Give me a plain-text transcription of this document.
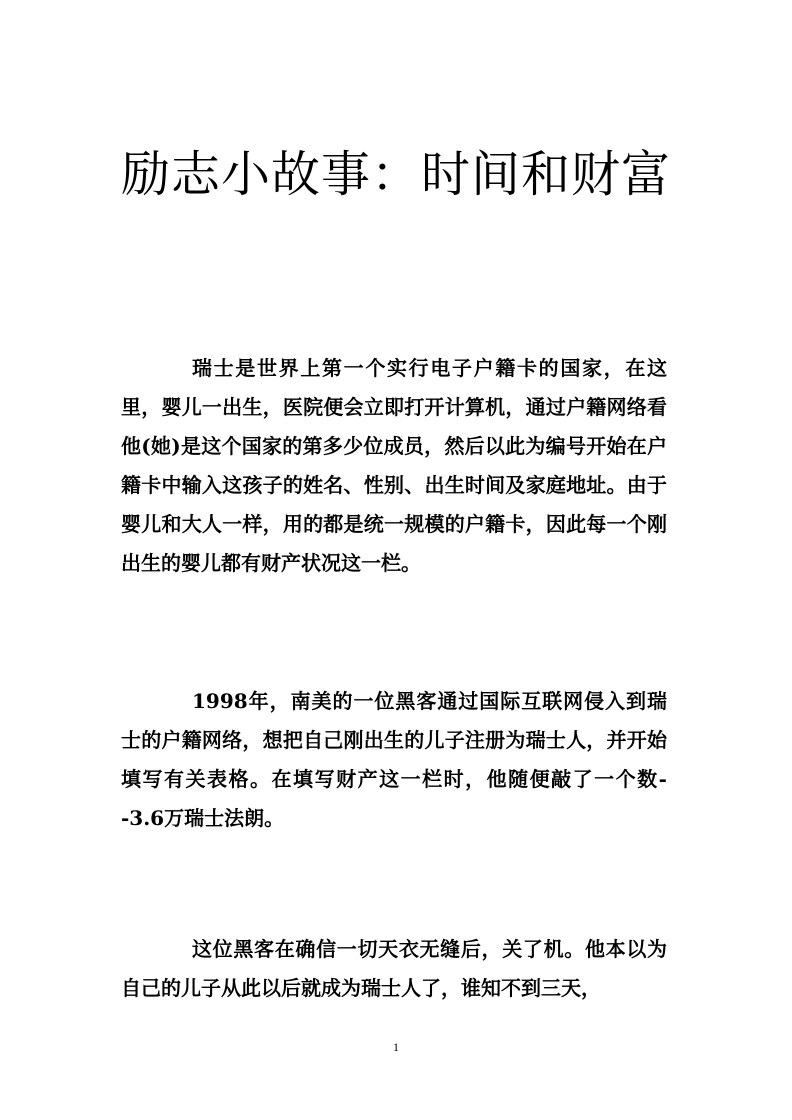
励志小故事：时间和财富

瑞士是世界上第一个实行电子户籍卡的国家，在这里，婴儿一出生，医院便会立即打开计算机，通过户籍网络看他(她)是这个国家的第多少位成员，然后以此为编号开始在户籍卡中输入这孩子的姓名、性别、出生时间及家庭地址。由于婴儿和大人一样，用的都是统一规模的户籍卡，因此每一个刚出生的婴儿都有财产状况这一栏。

1998年，南美的一位黑客通过国际互联网侵入到瑞士的户籍网络，想把自己刚出生的儿子注册为瑞士人，并开始填写有关表格。在填写财产这一栏时，他随便敲了一个数--3.6万瑞士法朗。

这位黑客在确信一切天衣无缝后，关了机。他本以为自己的儿子从此以后就成为瑞士人了，谁知不到三天，

1
